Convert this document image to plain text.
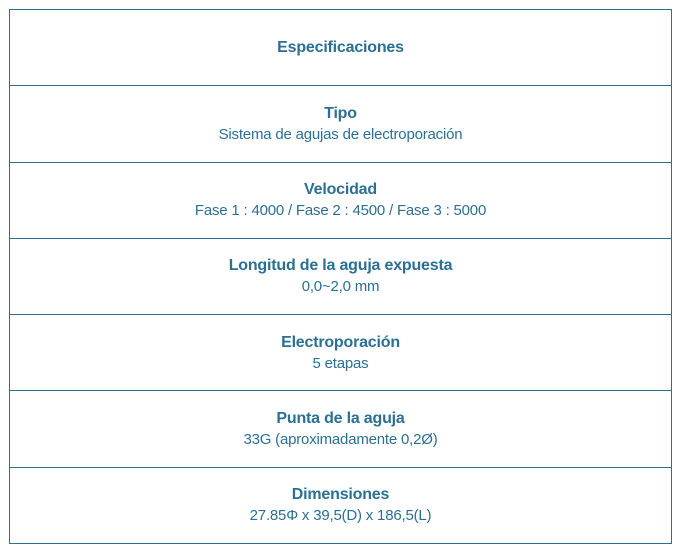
Especificaciones
Tipo
Sistema de agujas de electroporación
Velocidad
Fase 1 : 4000 / Fase 2 : 4500 / Fase 3 : 5000
Longitud de la aguja expuesta
0,0~2,0 mm
Electroporación
5 etapas
Punta de la aguja
33G (aproximadamente 0,2Ø)
Dimensiones
27.85Φ x 39,5(D) x 186,5(L)
